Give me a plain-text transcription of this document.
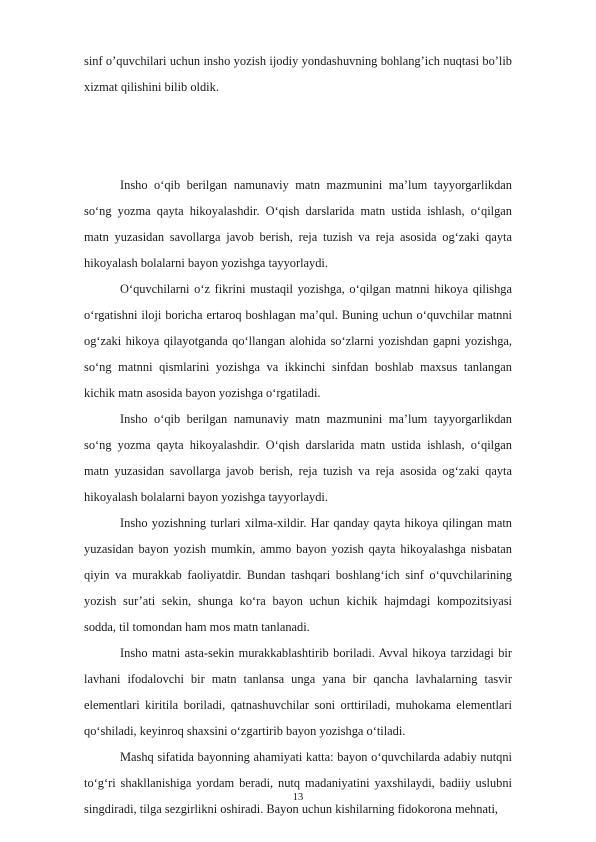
sinf o’quvchilari uchun insho yozish ijodiy yondashuvning bohlang’ich nuqtasi bo’lib xizmat qilishini bilib oldik.

Insho o‘qib berilgan namunaviy matn mazmunini ma’lum tayyorgarlikdan so‘ng yozma qayta hikoyalashdir. O‘qish darslarida matn ustida ishlash, o‘qilgan matn yuzasidan savollarga javob berish, reja tuzish va reja asosida og‘zaki qayta hikoyalash bolalarni bayon yozishga tayyorlaydi.

O‘quvchilarni o‘z fikrini mustaqil yozishga, o‘qilgan matnni hikoya qilishga o‘rgatishni iloji boricha ertaroq boshlagan ma’qul. Buning uchun o‘quvchilar matnni og‘zaki hikoya qilayotganda qo‘llangan alohida so‘zlarni yozishdan gapni yozishga, so‘ng matnni qismlarini yozishga va ikkinchi sinfdan boshlab maxsus tanlangan kichik matn asosida bayon yozishga o‘rgatiladi.

Insho o‘qib berilgan namunaviy matn mazmunini ma’lum tayyorgarlikdan so‘ng yozma qayta hikoyalashdir. O‘qish darslarida matn ustida ishlash, o‘qilgan matn yuzasidan savollarga javob berish, reja tuzish va reja asosida og‘zaki qayta hikoyalash bolalarni bayon yozishga tayyorlaydi.

Insho yozishning turlari xilma-xildir. Har qanday qayta hikoya qilingan matn yuzasidan bayon yozish mumkin, ammo bayon yozish qayta hikoyalashga nisbatan qiyin va murakkab faoliyatdir. Bundan tashqari boshlang‘ich sinf o‘quvchilarining yozish sur’ati sekin, shunga ko‘ra bayon uchun kichik hajmdagi kompozitsiyasi sodda, til tomondan ham mos matn tanlanadi.

Insho matni asta-sekin murakkablashtirib boriladi. Avval hikoya tarzidagi bir lavhani ifodalovchi bir matn tanlansa unga yana bir qancha lavhalarning tasvir elementlari kiritila boriladi, qatnashuvchilar soni orttiriladi, muhokama elementlari qo‘shiladi, keyinroq shaxsini o‘zgartirib bayon yozishga o‘tiladi.

Mashq sifatida bayonning ahamiyati katta: bayon o‘quvchilarda adabiy nutqni to‘g‘ri shakllanishiga yordam beradi, nutq madaniyatini yaxshilaydi, badiiy uslubni singdiradi, tilga sezgirlikni oshiradi. Bayon uchun kishilarning fidokorona mehnati,

13
